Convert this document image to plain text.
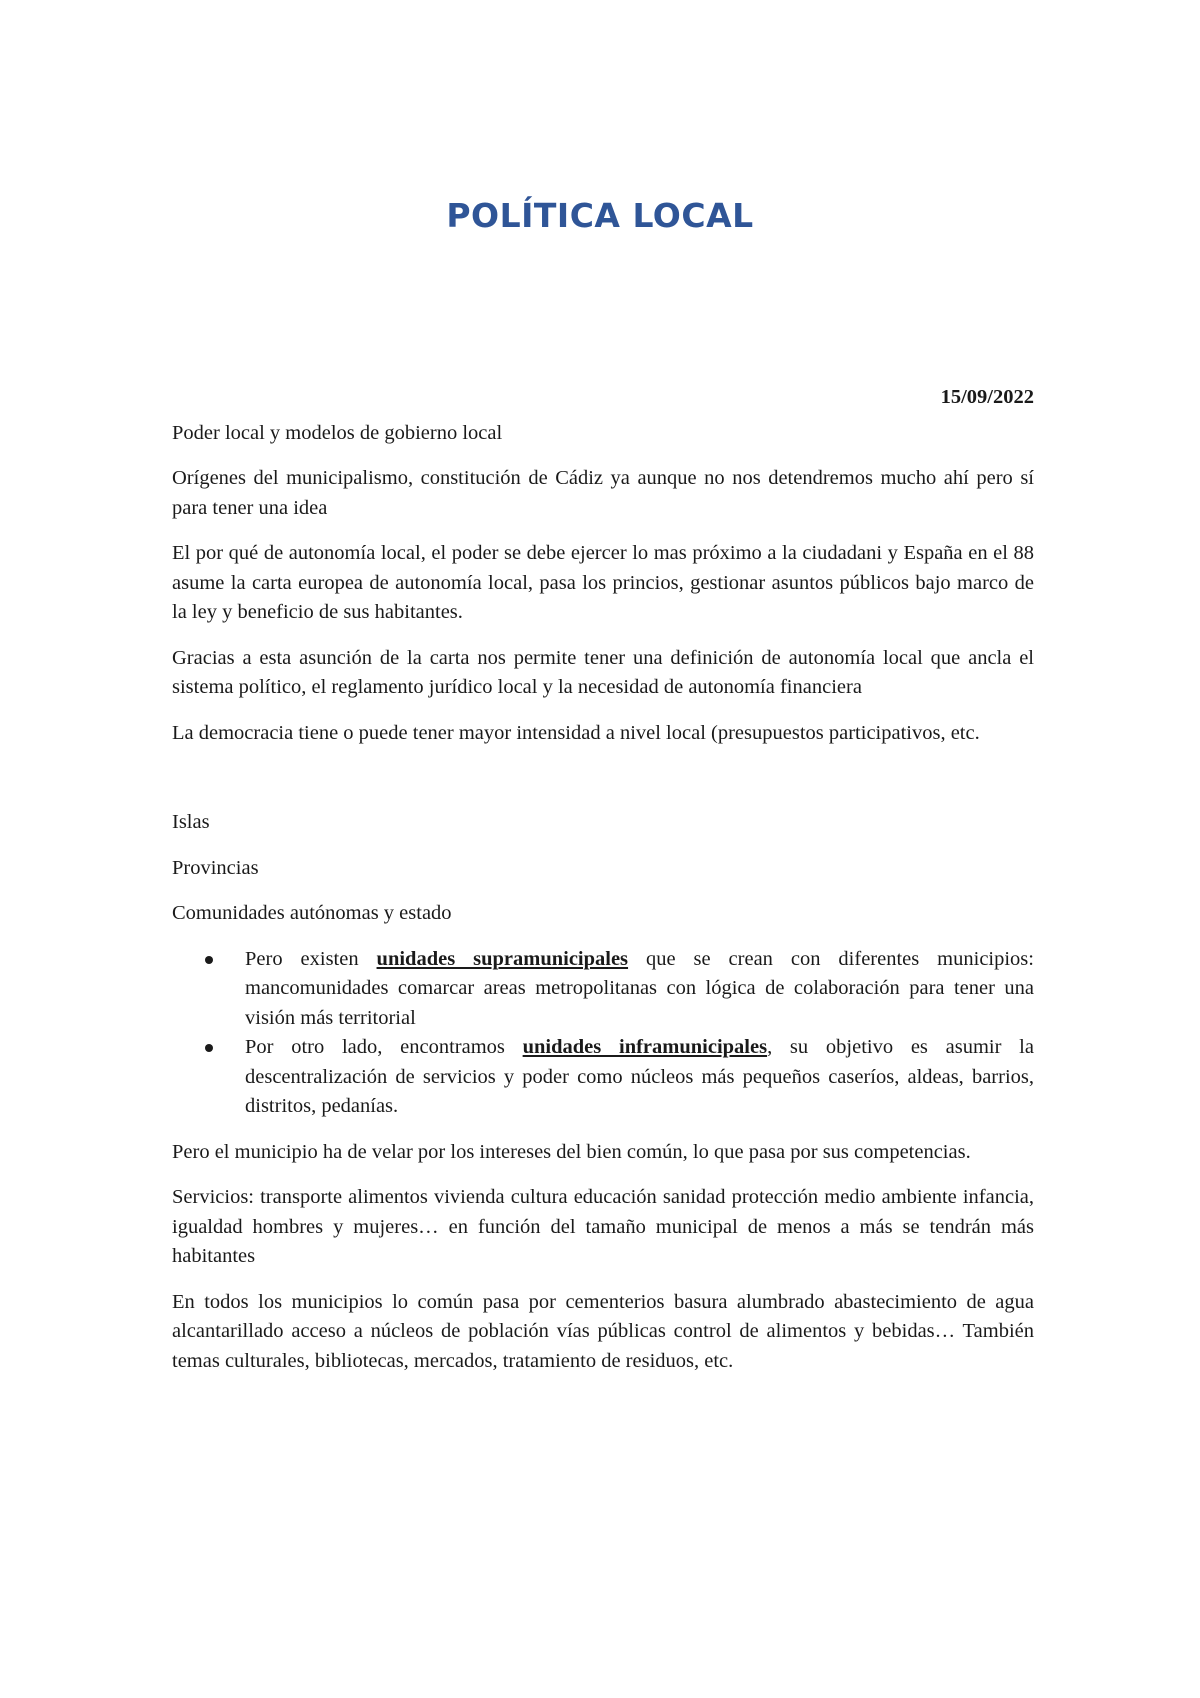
POLÍTICA LOCAL
15/09/2022

Poder local y modelos de gobierno local

Orígenes del municipalismo, constitución de Cádiz ya aunque no nos detendremos mucho ahí pero sí para tener una idea

El por qué de autonomía local, el poder se debe ejercer lo mas próximo a la ciudadani y España en el 88 asume la carta europea de autonomía local, pasa los princios, gestionar asuntos públicos bajo marco de la ley y beneficio de sus habitantes.

Gracias a esta asunción de la carta nos permite tener una definición de autonomía local que ancla el sistema político, el reglamento jurídico local y la necesidad de autonomía financiera

La democracia tiene o puede tener mayor intensidad a nivel local (presupuestos participativos, etc.

Islas

Provincias

Comunidades autónomas y estado

Pero existen unidades supramunicipales que se crean con diferentes municipios: mancomunidades comarcar areas metropolitanas con lógica de colaboración para tener una visión más territorial
Por otro lado, encontramos unidades inframunicipales, su objetivo es asumir la descentralización de servicios y poder como núcleos más pequeños caseríos, aldeas, barrios, distritos, pedanías.

Pero el municipio ha de velar por los intereses del bien común, lo que pasa por sus competencias.

Servicios: transporte alimentos vivienda cultura educación sanidad protección medio ambiente infancia, igualdad hombres y mujeres… en función del tamaño municipal de menos a más se tendrán más habitantes

En todos los municipios lo común pasa por cementerios basura alumbrado abastecimiento de agua alcantarillado acceso a núcleos de población vías públicas control de alimentos y bebidas… También temas culturales, bibliotecas, mercados, tratamiento de residuos, etc.
